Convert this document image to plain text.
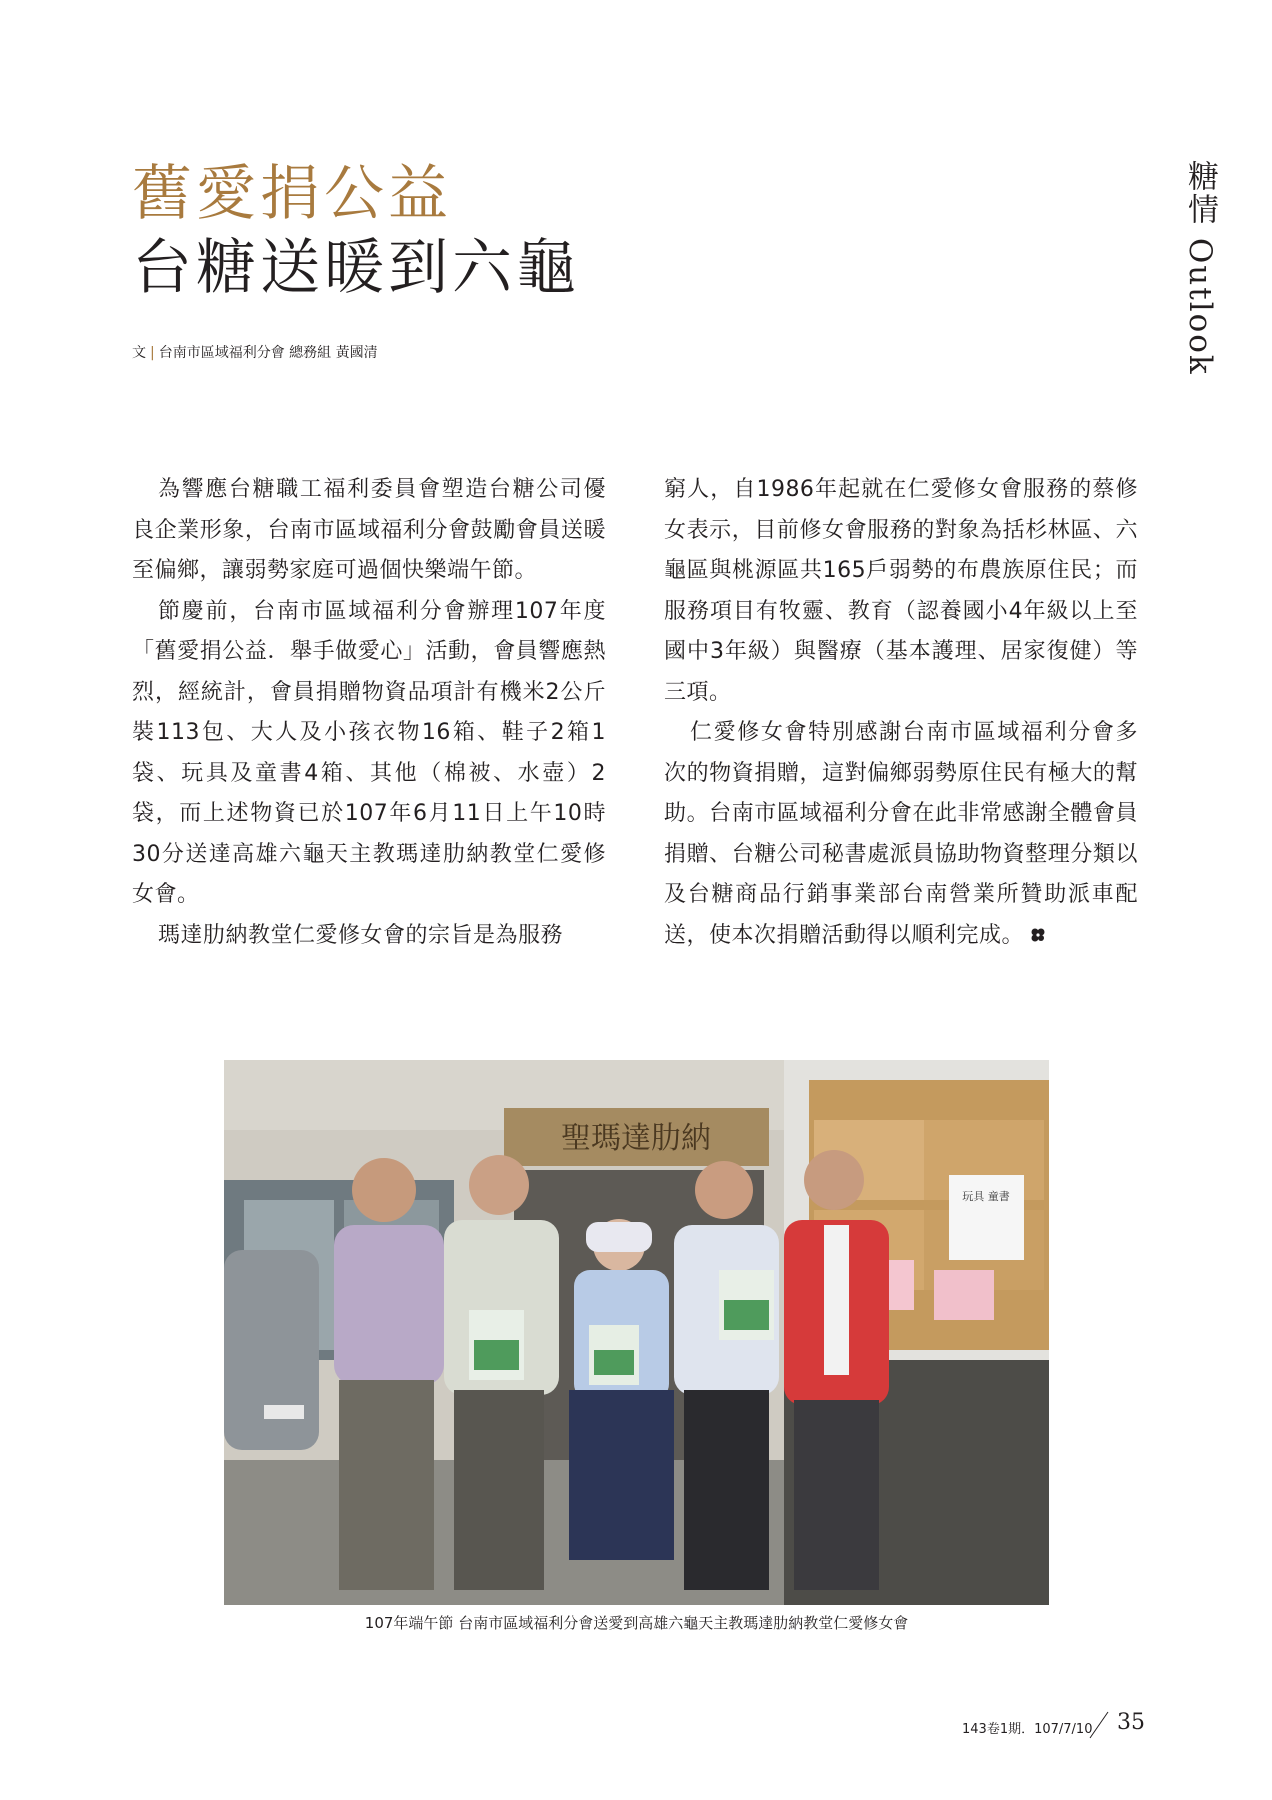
糖情 Outlook
舊愛捐公益
台糖送暖到六龜
文 | 台南市區域福利分會 總務組 黃國清

為響應台糖職工福利委員會塑造台糖公司優良企業形象，台南市區域福利分會鼓勵會員送暖至偏鄉，讓弱勢家庭可過個快樂端午節。

節慶前，台南市區域福利分會辦理107年度「舊愛捐公益．舉手做愛心」活動，會員響應熱烈，經統計，會員捐贈物資品項計有機米2公斤裝113包、大人及小孩衣物16箱、鞋子2箱1袋、玩具及童書4箱、其他（棉被、水壺）2袋，而上述物資已於107年6月11日上午10時30分送達高雄六龜天主教瑪達肋納教堂仁愛修女會。

瑪達肋納教堂仁愛修女會的宗旨是為服務

窮人，自1986年起就在仁愛修女會服務的蔡修女表示，目前修女會服務的對象為括杉林區、六龜區與桃源區共165戶弱勢的布農族原住民；而服務項目有牧靈、教育（認養國小4年級以上至國中3年級）與醫療（基本護理、居家復健）等三項。

仁愛修女會特別感謝台南市區域福利分會多次的物資捐贈，這對偏鄉弱勢原住民有極大的幫助。台南市區域福利分會在此非常感謝全體會員捐贈、台糖公司秘書處派員協助物資整理分類以及台糖商品行銷事業部台南營業所贊助派車配送，使本次捐贈活動得以順利完成。

聖瑪達肋納
玩具 童書
107年端午節 台南市區域福利分會送愛到高雄六龜天主教瑪達肋納教堂仁愛修女會
143卷1期．107/7/10 35
